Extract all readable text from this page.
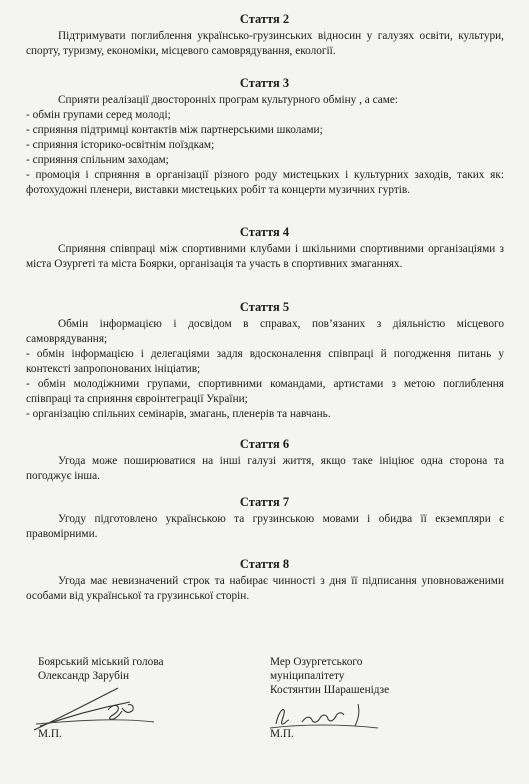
Стаття 2
Підтримувати поглиблення українсько-грузинських відносин у галузях освіти, культури, спорту, туризму, економіки, місцевого самоврядування, екології.
Стаття 3
Сприяти реалізації двосторонніх програм культурного обміну , а саме:
- обмін групами серед молоді;
- сприяння підтримці контактів між партнерськими школами;
- сприяння історико-освітнім поїздкам;
- сприяння спільним заходам;
- промоція і сприяння в організації різного роду мистецьких і культурних заходів, таких як: фотохудожні пленери, виставки мистецьких робіт та концерти музичних гуртів.
Стаття 4
Сприяння співпраці між спортивними клубами і шкільними спортивними організаціями з міста Озургеті та міста Боярки, організація та участь в спортивних змаганнях.
Стаття 5
Обмін інформацією і досвідом в справах, пов’язаних з діяльністю місцевого самоврядування;
- обмін інформацією і делегаціями задля вдосконалення співпраці й погодження питань у контексті запропонованих ініціатив;
- обмін молодіжними групами, спортивними командами, артистами з метою поглиблення співпраці та сприяння євроінтеграції України;
- організацію спільних семінарів, змагань, пленерів та навчань.
Стаття 6
Угода може поширюватися на інші галузі життя, якщо таке ініціює одна сторона та погоджує інша.
Стаття 7
Угоду підготовлено українською та грузинською мовами і обидва її екземпляри є правомірними.
Стаття 8
Угода має невизначений строк та набирає чинності з дня її підписання уповноваженими особами від української та грузинської сторін.
Боярський міський голова
Олександр Зарубін
М.П.
Мер Озургетського
муніципалітету
Костянтин Шарашенідзе
М.П.
